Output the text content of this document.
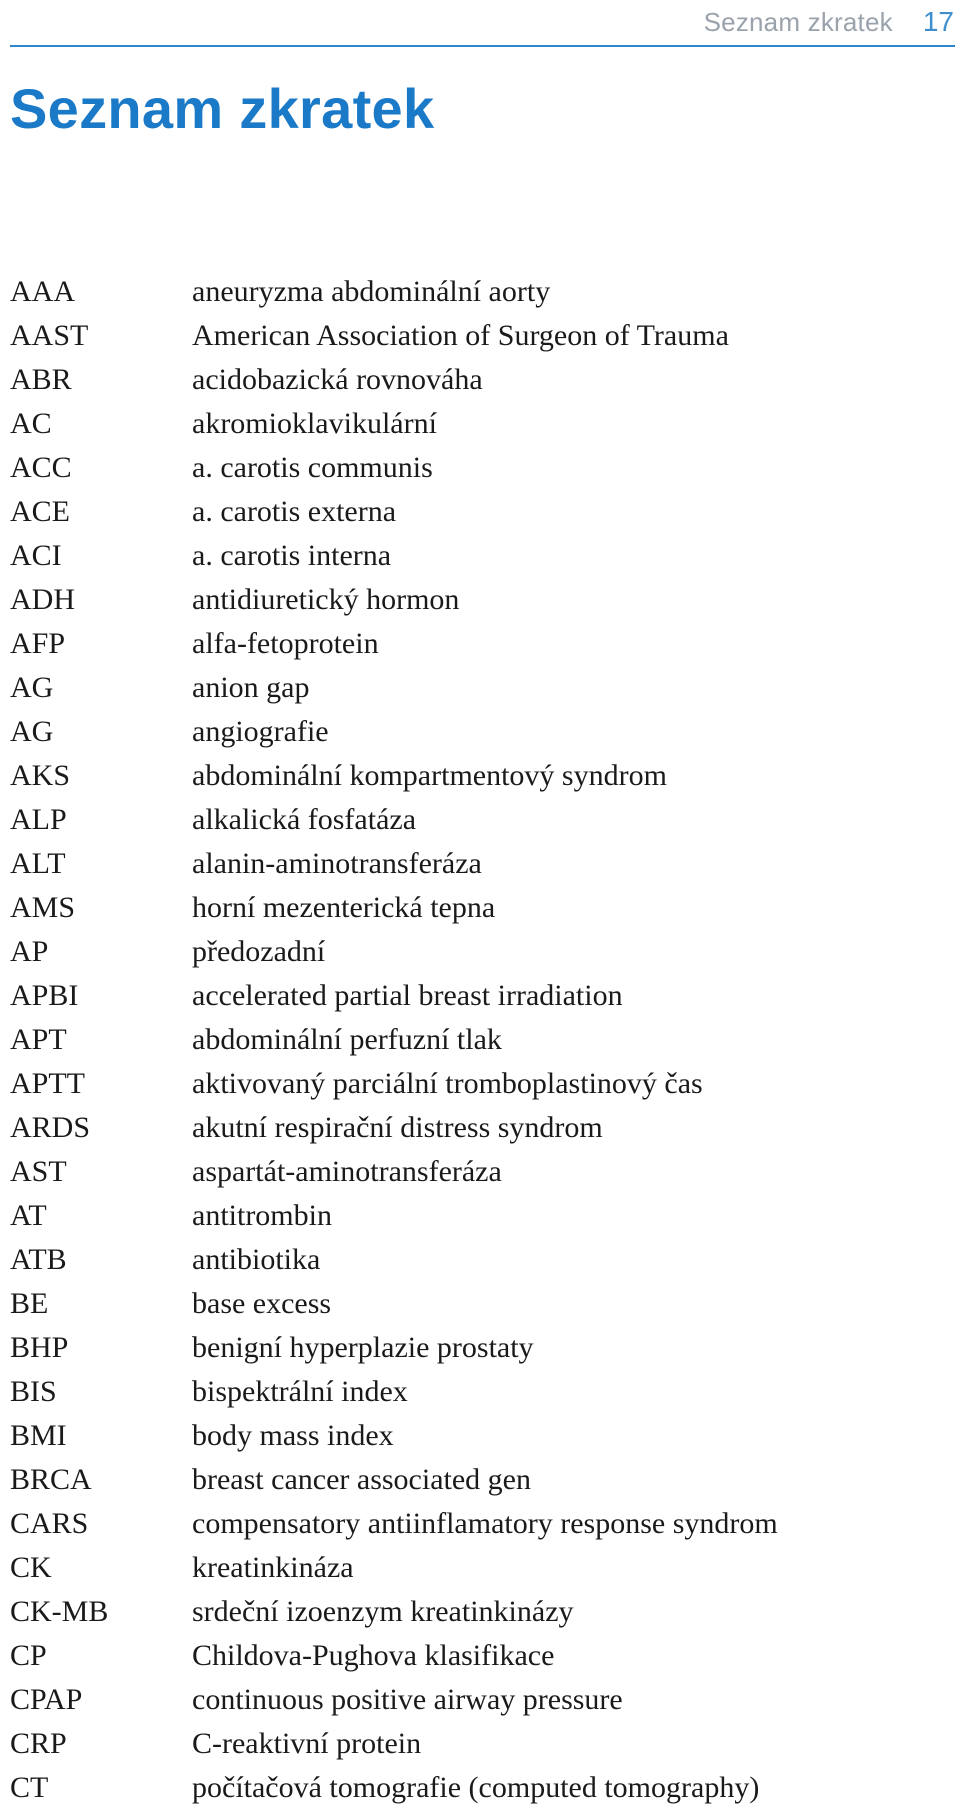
Seznam zkratek 17
Seznam zkratek
AAA	aneuryzma abdominální aorty
AAST	American Association of Surgeon of Trauma
ABR	acidobazická rovnováha
AC	akromioklavikulární
ACC	a. carotis communis
ACE	a. carotis externa
ACI	a. carotis interna
ADH	antidiuretický hormon
AFP	alfa-fetoprotein
AG	anion gap
AG	angiografie
AKS	abdominální kompartmentový syndrom
ALP	alkalická fosfatáza
ALT	alanin-aminotransferáza
AMS	horní mezenterická tepna
AP	předozadní
APBI	accelerated partial breast irradiation
APT	abdominální perfuzní tlak
APTT	aktivovaný parciální tromboplastinový čas
ARDS	akutní respirační distress syndrom
AST	aspartát-aminotransferáza
AT	antitrombin
ATB	antibiotika
BE	base excess
BHP	benigní hyperplazie prostaty
BIS	bispektrální index
BMI	body mass index
BRCA	breast cancer associated gen
CARS	compensatory antiinflamatory response syndrom
CK	kreatinkináza
CK-MB	srdeční izoenzym kreatinkinázy
CP	Childova-Pughova klasifikace
CPAP	continuous positive airway pressure
CRP	C-reaktivní protein
CT	počítačová tomografie (computed tomography)
